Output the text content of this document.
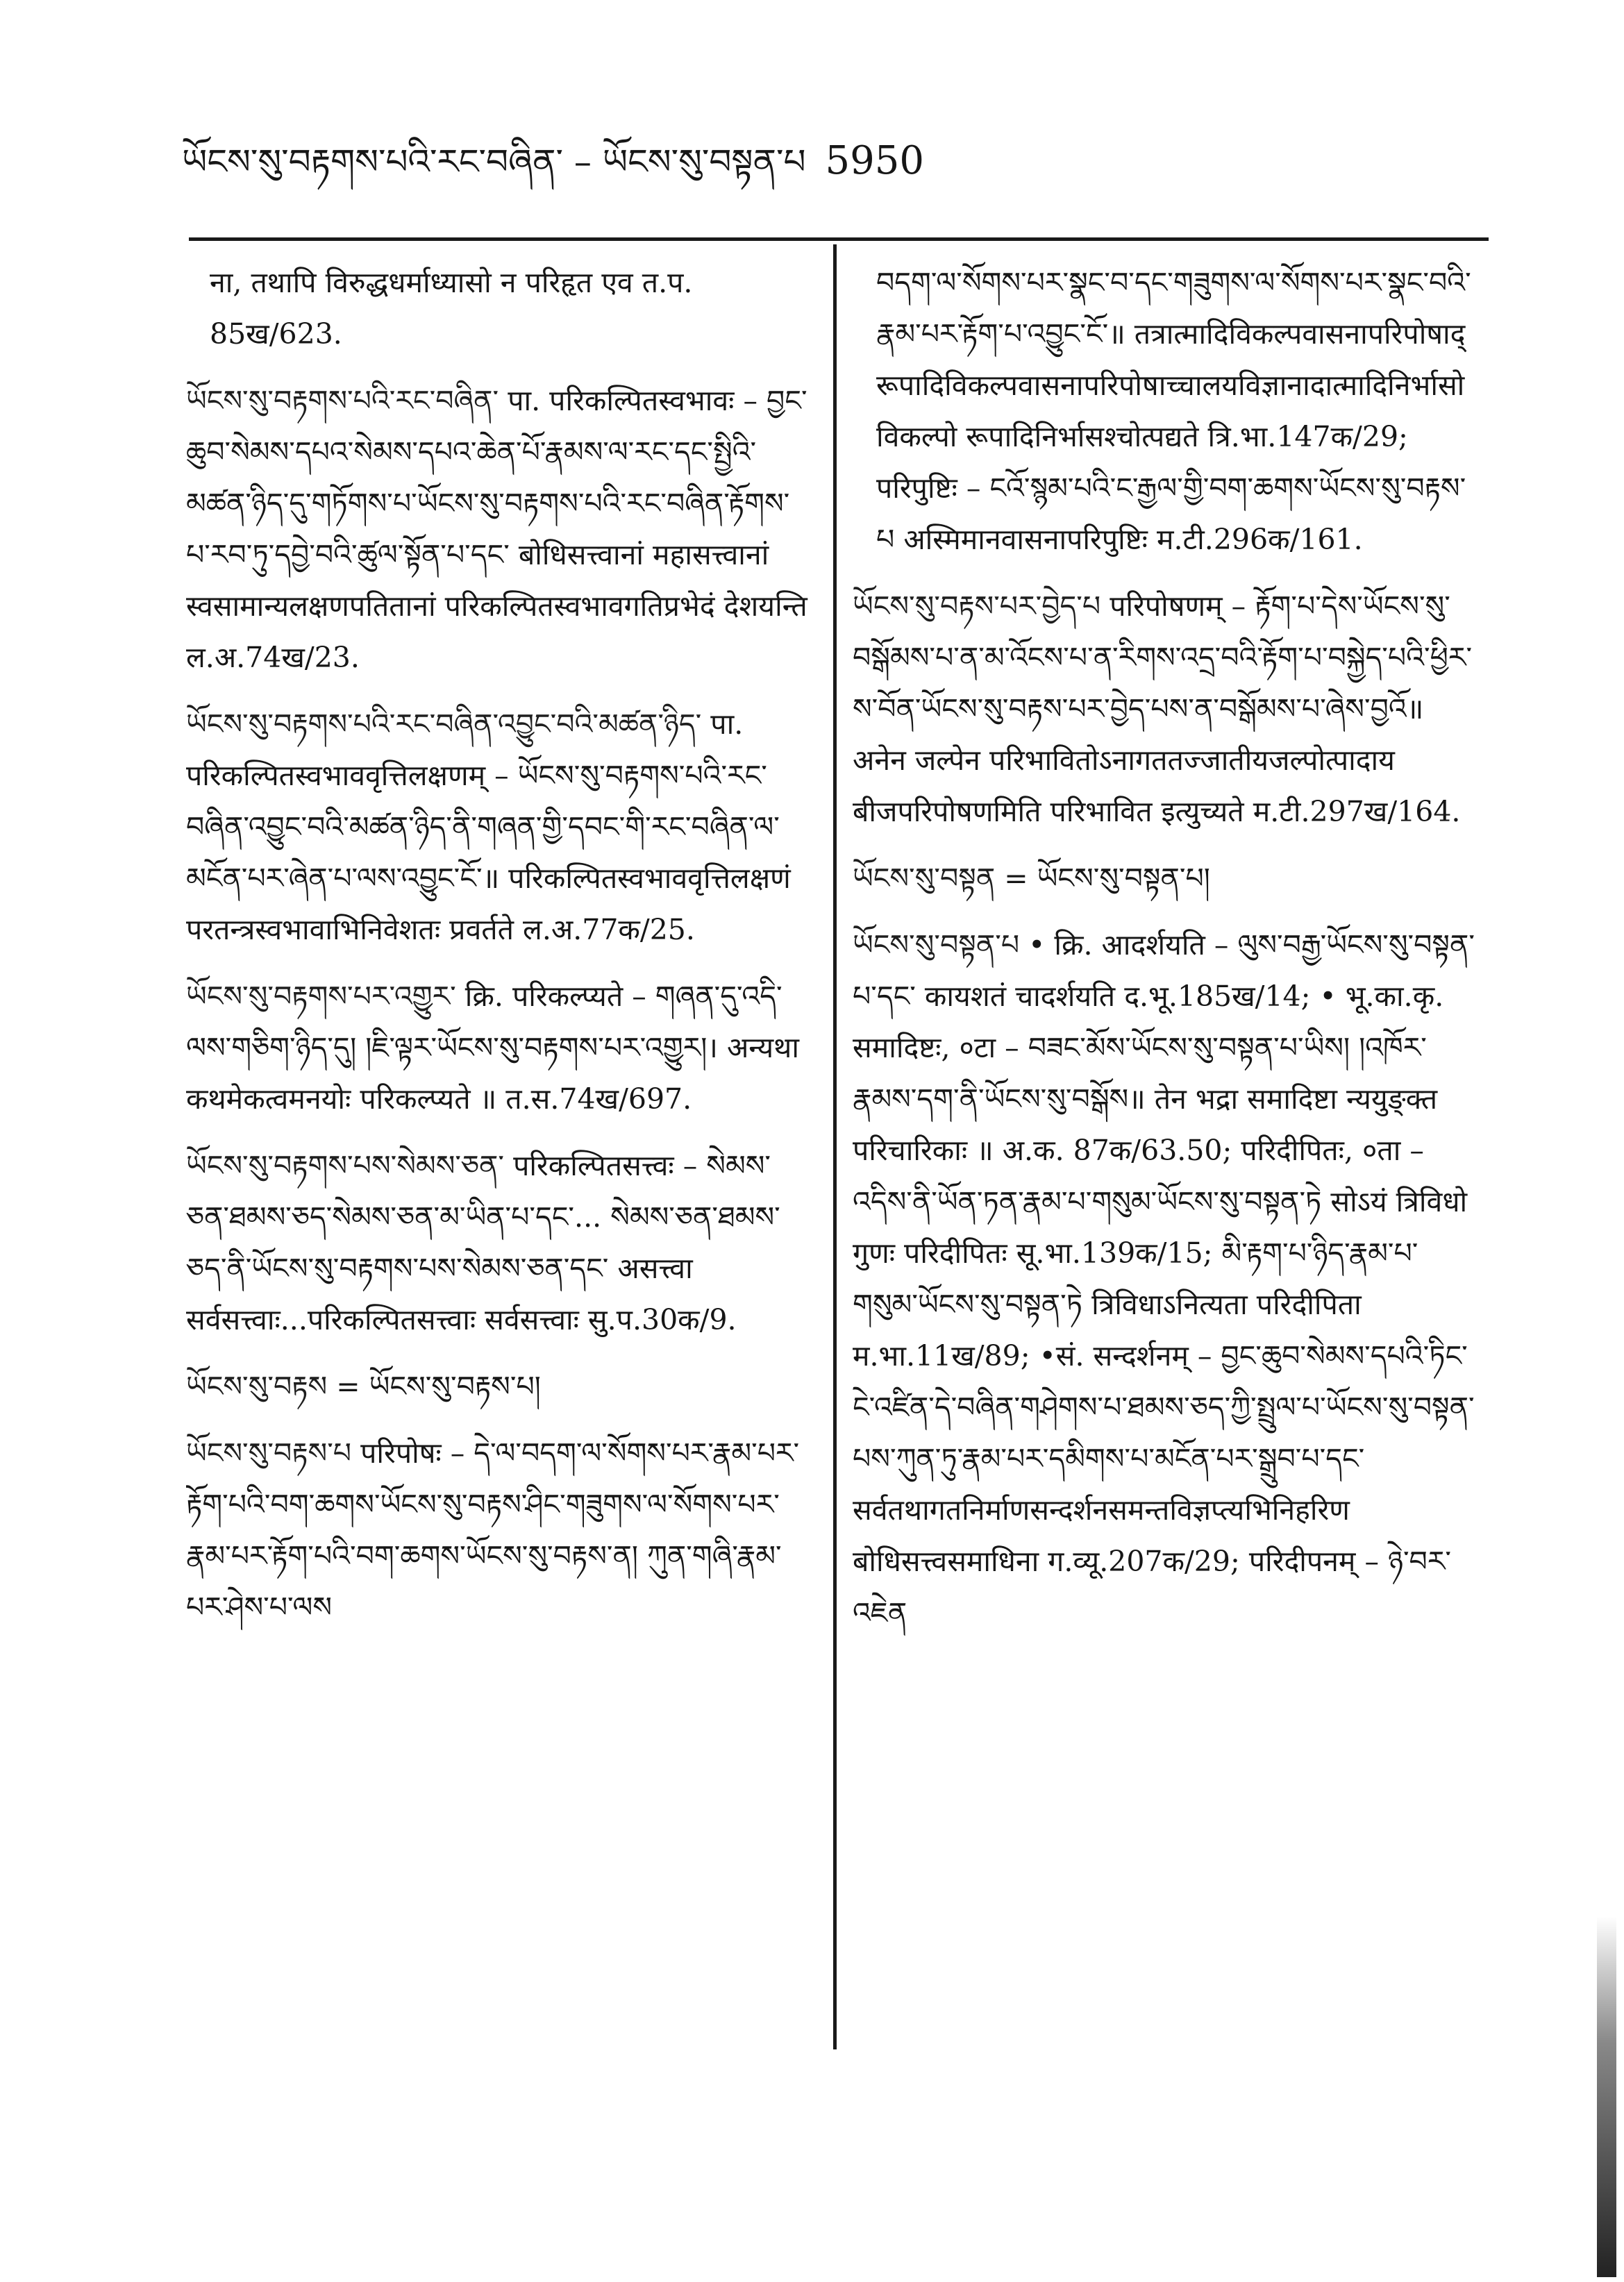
ཡོངས་སུ་བརྟགས་པའི་རང་བཞིན་ – ཡོངས་སུ་བསྟན་པ 5950

ना, तथापि विरुद्धधर्माध्यासो न परिहृत एव त.प. 85ख/623.

ཡོངས་སུ་བརྟགས་པའི་རང་བཞིན་ पा. परिकल्पितस्वभावः – བྱང་ཆུབ་སེམས་དཔའ་སེམས་དཔའ་ཆེན་པོ་རྣམས་ལ་རང་དང་སྤྱིའི་མཚན་ཉིད་དུ་གཏོགས་པ་ཡོངས་སུ་བརྟགས་པའི་རང་བཞིན་རྟོགས་པ་རབ་ཏུ་དབྱེ་བའི་ཚུལ་སྟོན་པ་དང་ बोधिसत्त्वानां महासत्त्वानां स्वसामान्यलक्षणपतितानां परिकल्पितस्वभावगतिप्रभेदं देशयन्ति ल.अ.74ख/23.

ཡོངས་སུ་བརྟགས་པའི་རང་བཞིན་འབྱུང་བའི་མཚན་ཉིད་ पा. परिकल्पितस्वभाववृत्तिलक्षणम् – ཡོངས་སུ་བརྟགས་པའི་རང་བཞིན་འབྱུང་བའི་མཚན་ཉིད་ནི་གཞན་གྱི་དབང་གི་རང་བཞིན་ལ་མངོན་པར་ཞེན་པ་ལས་འབྱུང་ངོ་॥ परिकल्पितस्वभाववृत्तिलक्षणं परतन्त्रस्वभावाभिनिवेशतः प्रवर्तते ल.अ.77क/25.

ཡོངས་སུ་བརྟགས་པར་འགྱུར་ क्रि. परिकल्प्यते – གཞན་དུ་འདི་ལས་གཅིག་ཉིད་དུ། །ཇི་ལྟར་ཡོངས་སུ་བརྟགས་པར་འགྱུར།। अन्यथा कथमेकत्वमनयोः परिकल्प्यते ॥ त.स.74ख/697.

ཡོངས་སུ་བརྟགས་པས་སེམས་ཅན་ परिकल्पितसत्त्वः – སེམས་ཅན་ཐམས་ཅད་སེམས་ཅན་མ་ཡིན་པ་དང་... སེམས་ཅན་ཐམས་ཅད་ནི་ཡོངས་སུ་བརྟགས་པས་སེམས་ཅན་དང་ असत्त्वा सर्वसत्त्वाः...परिकल्पितसत्त्वाः सर्वसत्त्वाः सु.प.30क/9.

ཡོངས་སུ་བརྟས = ཡོངས་སུ་བརྟས་པ།

ཡོངས་སུ་བརྟས་པ परिपोषः – དེ་ལ་བདག་ལ་སོགས་པར་རྣམ་པར་རྟོག་པའི་བག་ཆགས་ཡོངས་སུ་བརྟས་ཤིང་གཟུགས་ལ་སོགས་པར་རྣམ་པར་རྟོག་པའི་བག་ཆགས་ཡོངས་སུ་བརྟས་ན། ཀུན་གཞི་རྣམ་པར་ཤེས་པ་ལས

བདག་ལ་སོགས་པར་སྣང་བ་དང་གཟུགས་ལ་སོགས་པར་སྣང་བའི་རྣམ་པར་རྟོག་པ་འབྱུང་ངོ་॥ तत्रात्मादिविकल्पवासनापरिपोषाद् रूपादिविकल्पवासनापरिपोषाच्चालयविज्ञानादात्मादिनिर्भासो विकल्पो रूपादिनिर्भासश्चोत्पद्यते त्रि.भा.147क/29; परिपुष्टिः – ངའོ་སྙམ་པའི་ང་རྒྱལ་གྱི་བག་ཆགས་ཡོངས་སུ་བརྟས་པ अस्मिमानवासनापरिपुष्टिः म.टी.296क/161.

ཡོངས་སུ་བརྟས་པར་བྱེད་པ परिपोषणम् – རྟོག་པ་དེས་ཡོངས་སུ་བསྒོམས་པ་ན་མ་འོངས་པ་ན་རིགས་འདྲ་བའི་རྟོག་པ་བསྐྱེད་པའི་ཕྱིར་ས་བོན་ཡོངས་སུ་བརྟས་པར་བྱེད་པས་ན་བསྒོམས་པ་ཞེས་བྱའོ॥ अनेन जल्पेन परिभावितोऽनागततज्जातीयजल्पोत्पादाय बीजपरिपोषणमिति परिभावित इत्युच्यते म.टी.297ख/164.

ཡོངས་སུ་བསྟན = ཡོངས་སུ་བསྟན་པ།

ཡོངས་སུ་བསྟན་པ • क्रि. आदर्शयति – ལུས་བརྒྱ་ཡོངས་སུ་བསྟན་པ་དང་ कायशतं चादर्शयति द.भू.185ख/14; • भू.का.कृ. समादिष्टः, ०टा – བཟང་མོས་ཡོངས་སུ་བསྟན་པ་ཡིས། །འཁོར་རྣམས་དག་ནི་ཡོངས་སུ་བསྒོས॥ तेन भद्रा समादिष्टा न्ययुङ्क्त परिचारिकाः ॥ अ.क. 87क/63.50; परिदीपितः, ०ता – འདིས་ནི་ཡོན་ཏན་རྣམ་པ་གསུམ་ཡོངས་སུ་བསྟན་ཏེ सोऽयं त्रिविधो गुणः परिदीपितः सू.भा.139क/15; མི་རྟག་པ་ཉིད་རྣམ་པ་གསུམ་ཡོངས་སུ་བསྟན་ཏེ त्रिविधाऽनित्यता परिदीपिता म.भा.11ख/89; •सं. सन्दर्शनम् – བྱང་ཆུབ་སེམས་དཔའི་ཏིང་ངེ་འཛིན་དེ་བཞིན་གཤེགས་པ་ཐམས་ཅད་ཀྱི་སྤྲུལ་པ་ཡོངས་སུ་བསྟན་པས་ཀུན་ཏུ་རྣམ་པར་དམིགས་པ་མངོན་པར་སྒྲུབ་པ་དང་ सर्वतथागतनिर्माणसन्दर्शनसमन्तविज्ञप्त्यभिनिहरिण बोधिसत्त्वसमाधिना ग.व्यू.207क/29; परिदीपनम् – ཉེ་བར་འཇེན
